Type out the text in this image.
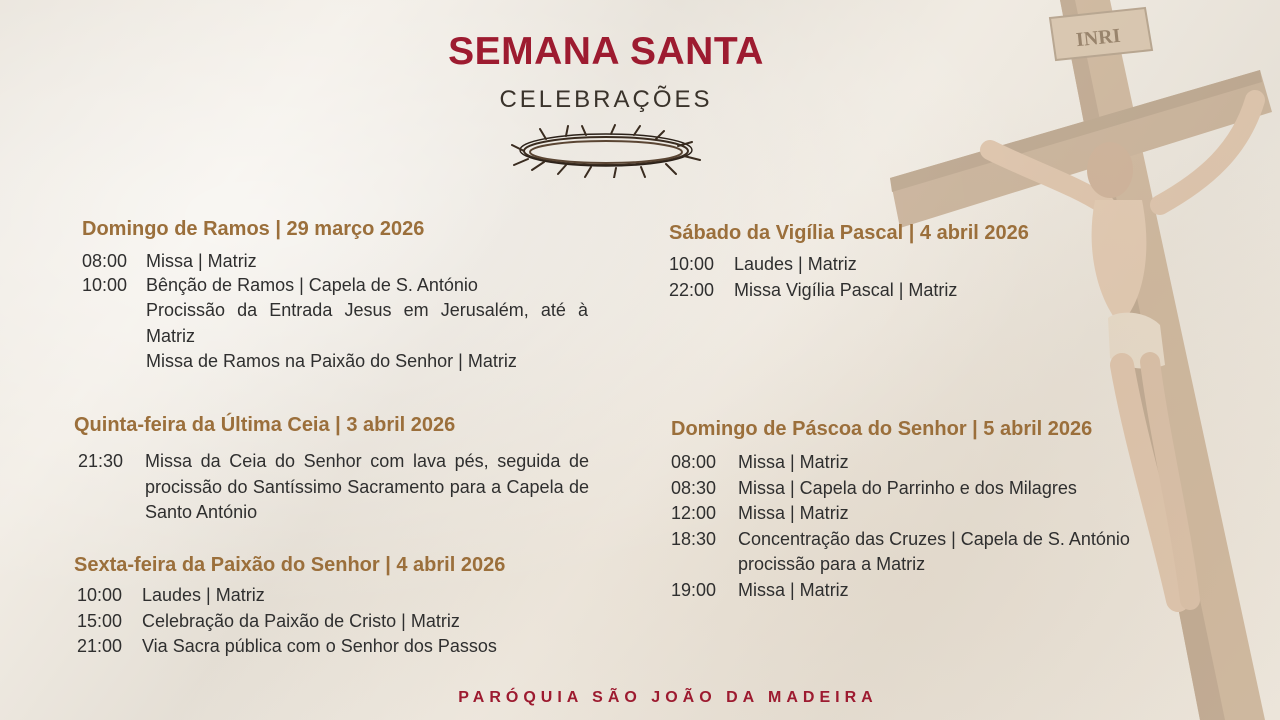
INRI
SEMANA SANTA
CELEBRAÇÕES
Domingo de Ramos | 29 março 2026
08:00	Missa | Matriz
10:00	Bênção de Ramos | Capela de S. António
Procissão da Entrada Jesus em Jerusalém, até à Matriz
Missa de Ramos na Paixão do Senhor | Matriz
Quinta-feira da Última Ceia | 3 abril 2026
21:30	Missa da Ceia do Senhor com lava pés, seguida de procissão do Santíssimo Sacramento para a Capela de Santo António
Sexta-feira da Paixão do Senhor | 4 abril 2026
10:00	Laudes | Matriz
15:00	Celebração da Paixão de Cristo | Matriz
21:00	Via Sacra pública com o Senhor dos Passos
Sábado da Vigília Pascal | 4 abril 2026
10:00	Laudes | Matriz
22:00	Missa Vigília Pascal | Matriz
Domingo de Páscoa do Senhor | 5 abril 2026
08:00	Missa | Matriz
08:30	Missa | Capela do Parrinho e dos Milagres
12:00	Missa | Matriz
18:30	Concentração das Cruzes | Capela de S. António
procissão para a Matriz
19:00	Missa | Matriz
PARÓQUIA SÃO JOÃO DA MADEIRA
